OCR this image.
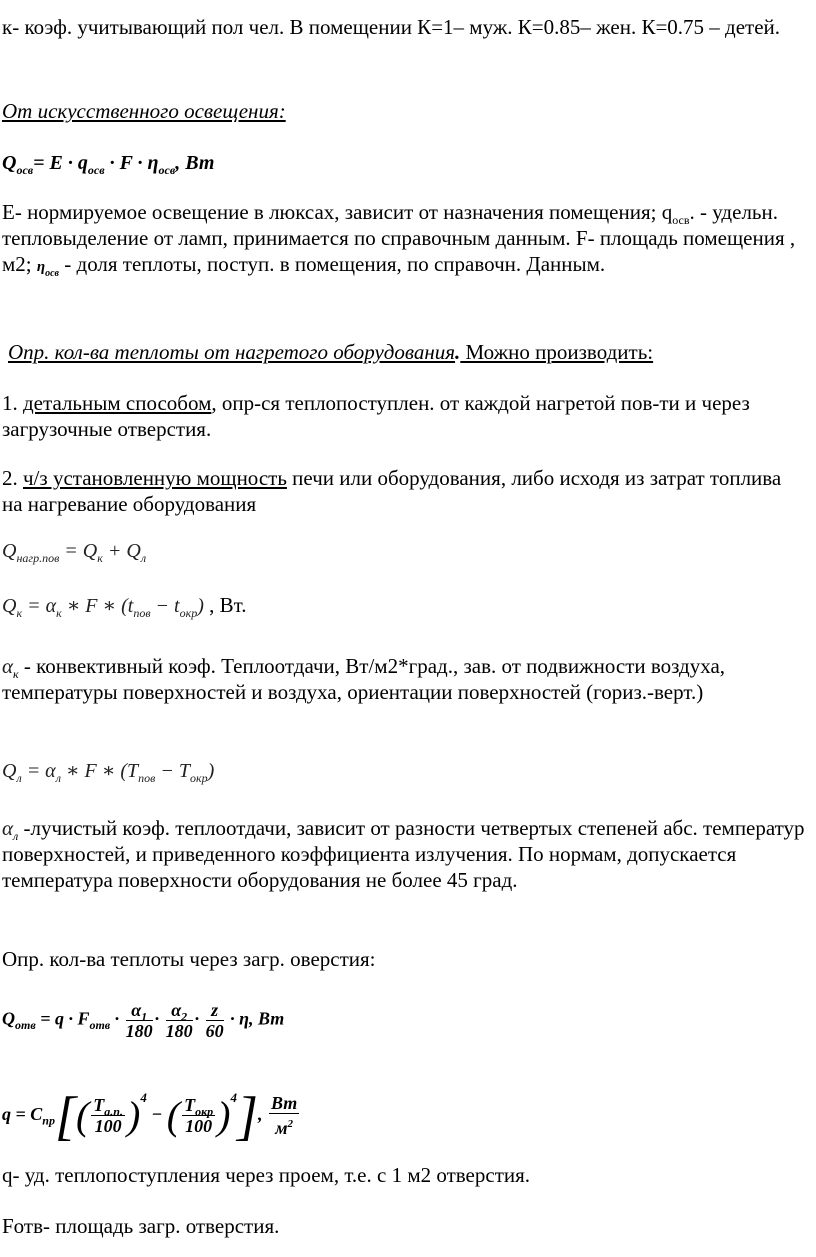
к- коэф. учитывающий пол чел. В помещении К=1– муж. К=0.85– жен. К=0.75 – детей.

От искусственного освещения:

$Q_{осв}= E \cdot q_{осв} \cdot F \cdot \eta_{осв}$, Вт

Е- нормируемое освещение в люксах, зависит от назначения помещения; $q_{осв}$. - удельн. тепловыделение от ламп, принимается по справочным данным. F- площадь помещения , м2; $\eta_{осв}$ - доля теплоты, поступ. в помещения, по справочн. Данным.

Опр. кол-ва теплоты от нагретого оборудования. Можно производить:

1. детальным способом, опр-ся теплопоступлен. от каждой нагретой пов-ти и через загрузочные отверстия.

2. ч/з установленную мощность печи или оборудования, либо исходя из затрат топлива на нагревание оборудования

$Q_{нагр.пов} = Q_к + Q_л$
$Q_к = \alpha_к$ ∗ F ∗ $(t_{пов} - t_{окр})$ , Вт.

$\alpha_к$ - конвективный коэф. Теплоотдачи, Вт/м2*град., зав. от подвижности воздуха, температуры поверхностей и воздуха, ориентации поверхностей (гориз.-верт.)

$Q_л = \alpha_л$ ∗ F ∗ $(T_{пов} - T_{окр})$

$\alpha_л$ -лучистый коэф. теплоотдачи, зависит от разности четвертых степеней абс. температур поверхностей, и приведенного коэффициента излучения. По нормам, допускается температура поверхности оборудования не более 45 град.

Опр. кол-ва теплоты через загр. оверстия:

$Q_{отв} = q \cdot F_{отв} \cdot \frac{\alpha_1}{180} \cdot \frac{\alpha_2}{180} \cdot \frac{z}{60} \cdot \eta$, Вт
$q = C_{пр}[( \frac{T_{а.п.}}{100} )^4$ − ( $\frac{T_{окр}}{100} )^4$], $\frac{Вт}{м^2}$

q- уд. теплопоступления через проем, т.е. с 1 м2 отверстия.

Fотв- площадь загр. отверстия.
